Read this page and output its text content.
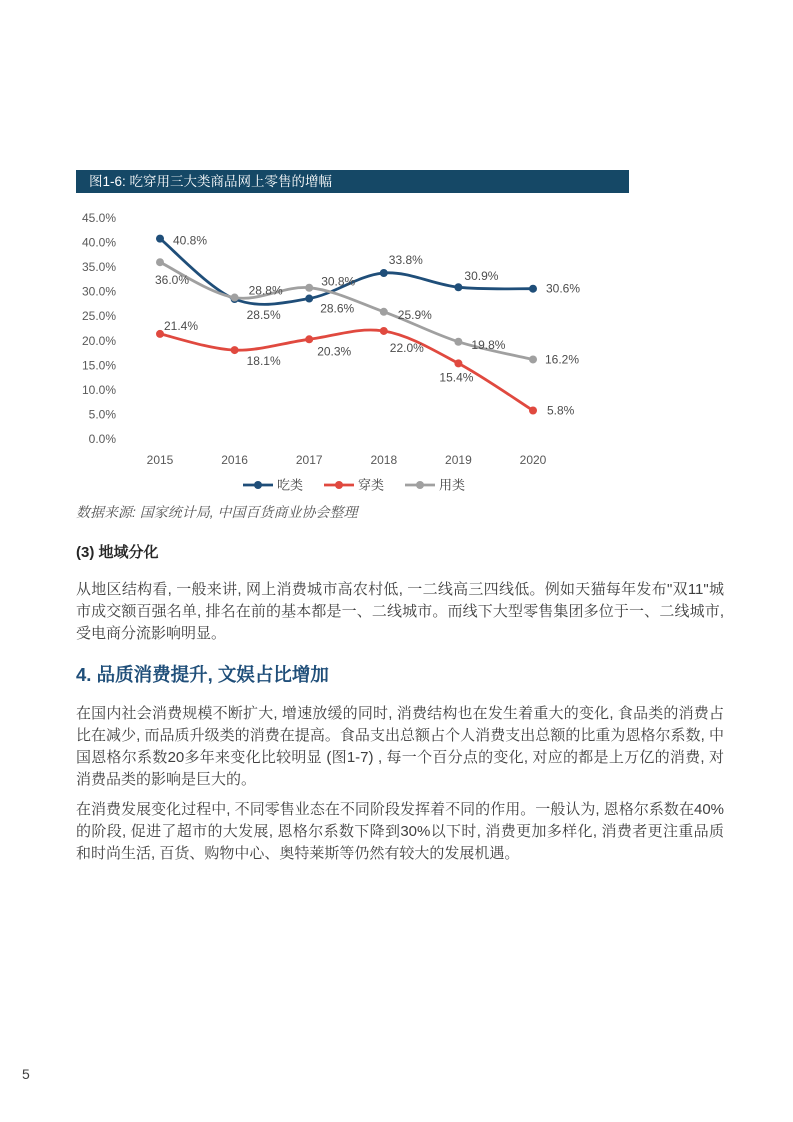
图1-6: 吃穿用三大类商品网上零售的增幅
0.0%
5.0%
10.0%
15.0%
20.0%
25.0%
30.0%
35.0%
40.0%
45.0%
2015	2016	2017	2018	2019	2020
40.8%
28.5%	28.6%
33.8%
30.9%
30.6%
21.4%
18.1%
20.3%	22.0%
15.4%
5.8%
36.0%
28.8%
30.8%
25.9%
19.8%
16.2%
吃类	穿类	用类
数据来源: 国家统计局, 中国百货商业协会整理
(3) 地域分化

从地区结构看, 一般来讲, 网上消费城市高农村低, 一二线高三四线低。例如天猫每年发布"双11"城市成交额百强名单, 排名在前的基本都是一、二线城市。而线下大型零售集团多位于一、二线城市, 受电商分流影响明显。

4. 品质消费提升, 文娱占比增加

在国内社会消费规模不断扩大, 增速放缓的同时, 消费结构也在发生着重大的变化, 食品类的消费占比在减少, 而品质升级类的消费在提高。食品支出总额占个人消费支出总额的比重为恩格尔系数, 中国恩格尔系数20多年来变化比较明显 (图1-7) , 每一个百分点的变化, 对应的都是上万亿的消费, 对消费品类的影响是巨大的。

在消费发展变化过程中, 不同零售业态在不同阶段发挥着不同的作用。一般认为, 恩格尔系数在40%的阶段, 促进了超市的大发展, 恩格尔系数下降到30%以下时, 消费更加多样化, 消费者更注重品质和时尚生活, 百货、购物中心、奥特莱斯等仍然有较大的发展机遇。

5
